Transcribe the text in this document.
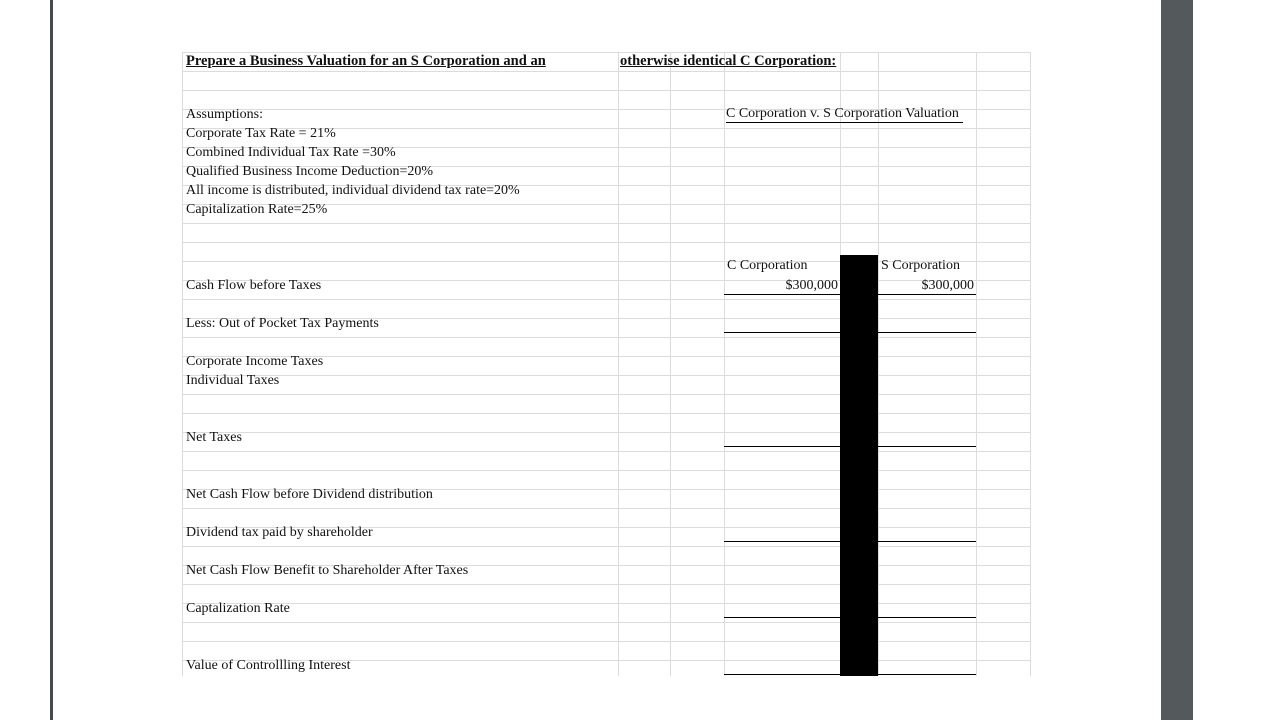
Prepare a Business Valuation for an S Corporation and an	otherwise identical C Corporation:
C Corporation v. S Corporation Valuation
Assumptions:
Corporate Tax Rate = 21%
Combined Individual Tax Rate =30%
Qualified Business Income Deduction=20%
All income is distributed, individual dividend tax rate=20%
Capitalization Rate=25%
C Corporation	S Corporation
Cash Flow before Taxes	$300,000	$300,000
Less: Out of Pocket Tax Payments
Corporate Income Taxes
Individual Taxes
Net Taxes
Net Cash Flow before Dividend distribution
Dividend tax paid by shareholder
Net Cash Flow Benefit to Shareholder After Taxes
Captalization Rate
Value of Controllling Interest
